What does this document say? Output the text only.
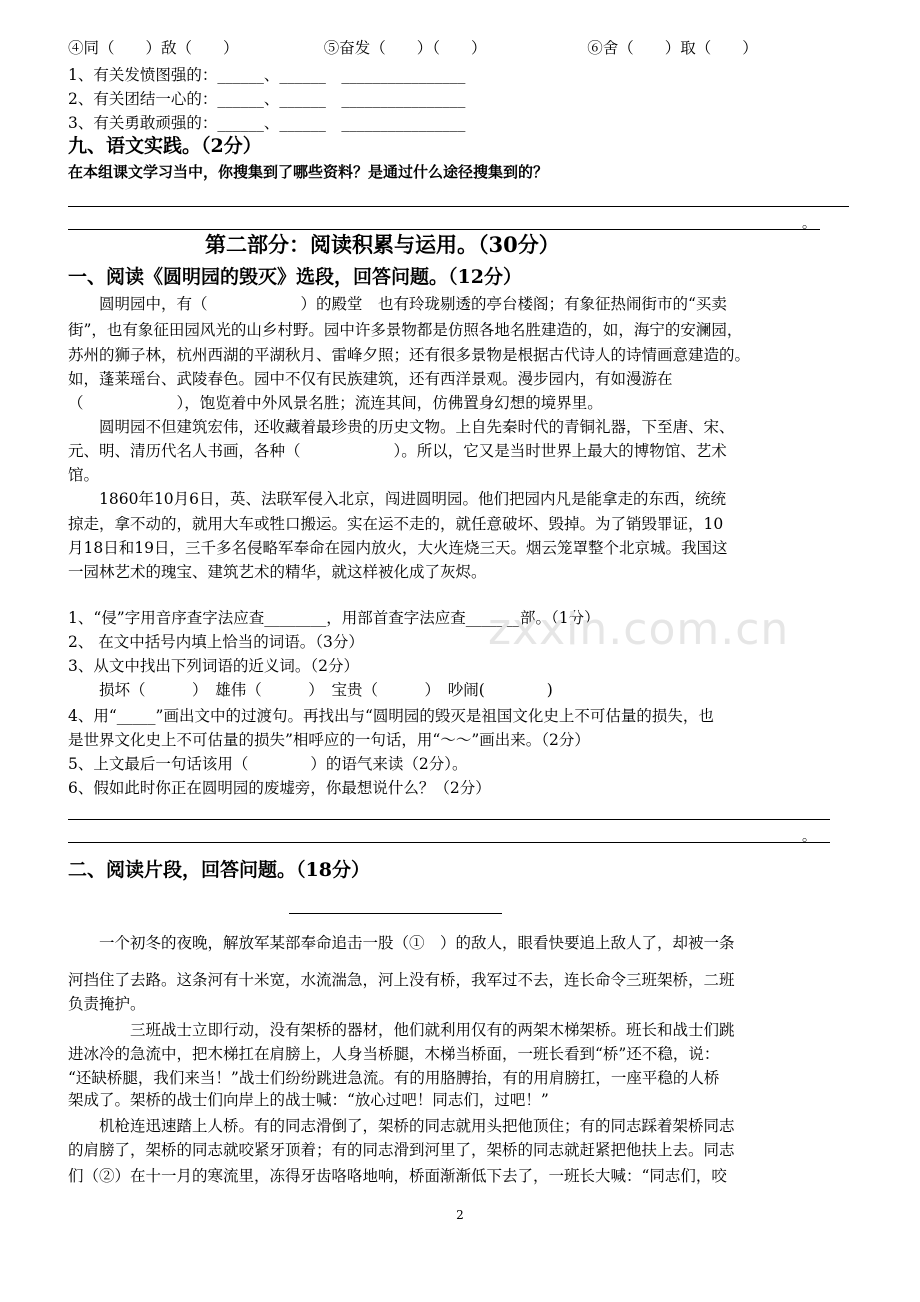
④同（　　）敌（　　）　　　　　　⑤奋发（　　）（　　）　　　　　　　⑥舍（　　）取（　　）
1、有关发愤图强的：______、______　________________
2、有关团结一心的：______、______　________________
3、有关勇敢顽强的：______、______　________________
九、语文实践。（2分）
在本组课文学习当中，你搜集到了哪些资料？是通过什么途径搜集到的？
。
第二部分：阅读积累与运用。（30分）
一、阅读《圆明园的毁灭》选段，回答问题。（12分）
　　圆明园中，有（　　　　　　）的殿堂　也有玲珑剔透的亭台楼阁；有象征热闹街市的“买卖
街”，也有象征田园风光的山乡村野。园中许多景物都是仿照各地名胜建造的，如，海宁的安澜园，
苏州的狮子林，杭州西湖的平湖秋月、雷峰夕照；还有很多景物是根据古代诗人的诗情画意建造的。
如，蓬莱瑶台、武陵春色。园中不仅有民族建筑，还有西洋景观。漫步园内，有如漫游在
（　　　　　　），饱览着中外风景名胜；流连其间，仿佛置身幻想的境界里。
　　圆明园不但建筑宏伟，还收藏着最珍贵的历史文物。上自先秦时代的青铜礼器，下至唐、宋、
元、明、清历代名人书画，各种（　　　　　　）。所以，它又是当时世界上最大的博物馆、艺术
馆。
　　1860年10月6日，英、法联军侵入北京，闯进圆明园。他们把园内凡是能拿走的东西，统统
掠走，拿不动的，就用大车或牲口搬运。实在运不走的，就任意破坏、毁掉。为了销毁罪证，10
月18日和19日，三千多名侵略军奉命在园内放火，大火连烧三天。烟云笼罩整个北京城。我国这
一园林艺术的瑰宝、建筑艺术的精华，就这样被化成了灰烬。
1、“侵”字用音序查字法应查________，用部首查字法应查_______部。（1分）
2、 在文中括号内填上恰当的词语。（3分）
3、从文中找出下列词语的近义词。（2分）
　　损坏（　　　）　雄伟（　　　）　宝贵（　　　）　吵闹(　　　　)
4、用“_____”画出文中的过渡句。再找出与“圆明园的毁灭是祖国文化史上不可估量的损失，也
是世界文化史上不可估量的损失”相呼应的一句话，用“～～”画出来。（2分）
5、上文最后一句话该用（　　　　）的语气来读（2分）。
6、假如此时你正在圆明园的废墟旁，你最想说什么？（2分）
。
二、阅读片段，回答问题。（18分）
　　一个初冬的夜晚，解放军某部奉命追击一股（①　）的敌人，眼看快要追上敌人了，却被一条
河挡住了去路。这条河有十米宽，水流湍急，河上没有桥，我军过不去，连长命令三班架桥，二班
负责掩护。
　　　　三班战士立即行动，没有架桥的器材，他们就利用仅有的两架木梯架桥。班长和战士们跳
进冰冷的急流中，把木梯扛在肩膀上，人身当桥腿，木梯当桥面，一班长看到“桥”还不稳，说：
“还缺桥腿，我们来当！”战士们纷纷跳进急流。有的用胳膊抬，有的用肩膀扛，一座平稳的人桥
架成了。架桥的战士们向岸上的战士喊：“放心过吧！同志们，过吧！”
　　机枪连迅速踏上人桥。有的同志滑倒了，架桥的同志就用头把他顶住；有的同志踩着架桥同志
的肩膀了，架桥的同志就咬紧牙顶着；有的同志滑到河里了，架桥的同志就赶紧把他扶上去。同志
们（②）在十一月的寒流里，冻得牙齿咯咯地响，桥面渐渐低下去了，一班长大喊：“同志们，咬
zxxin.com.cn
2
